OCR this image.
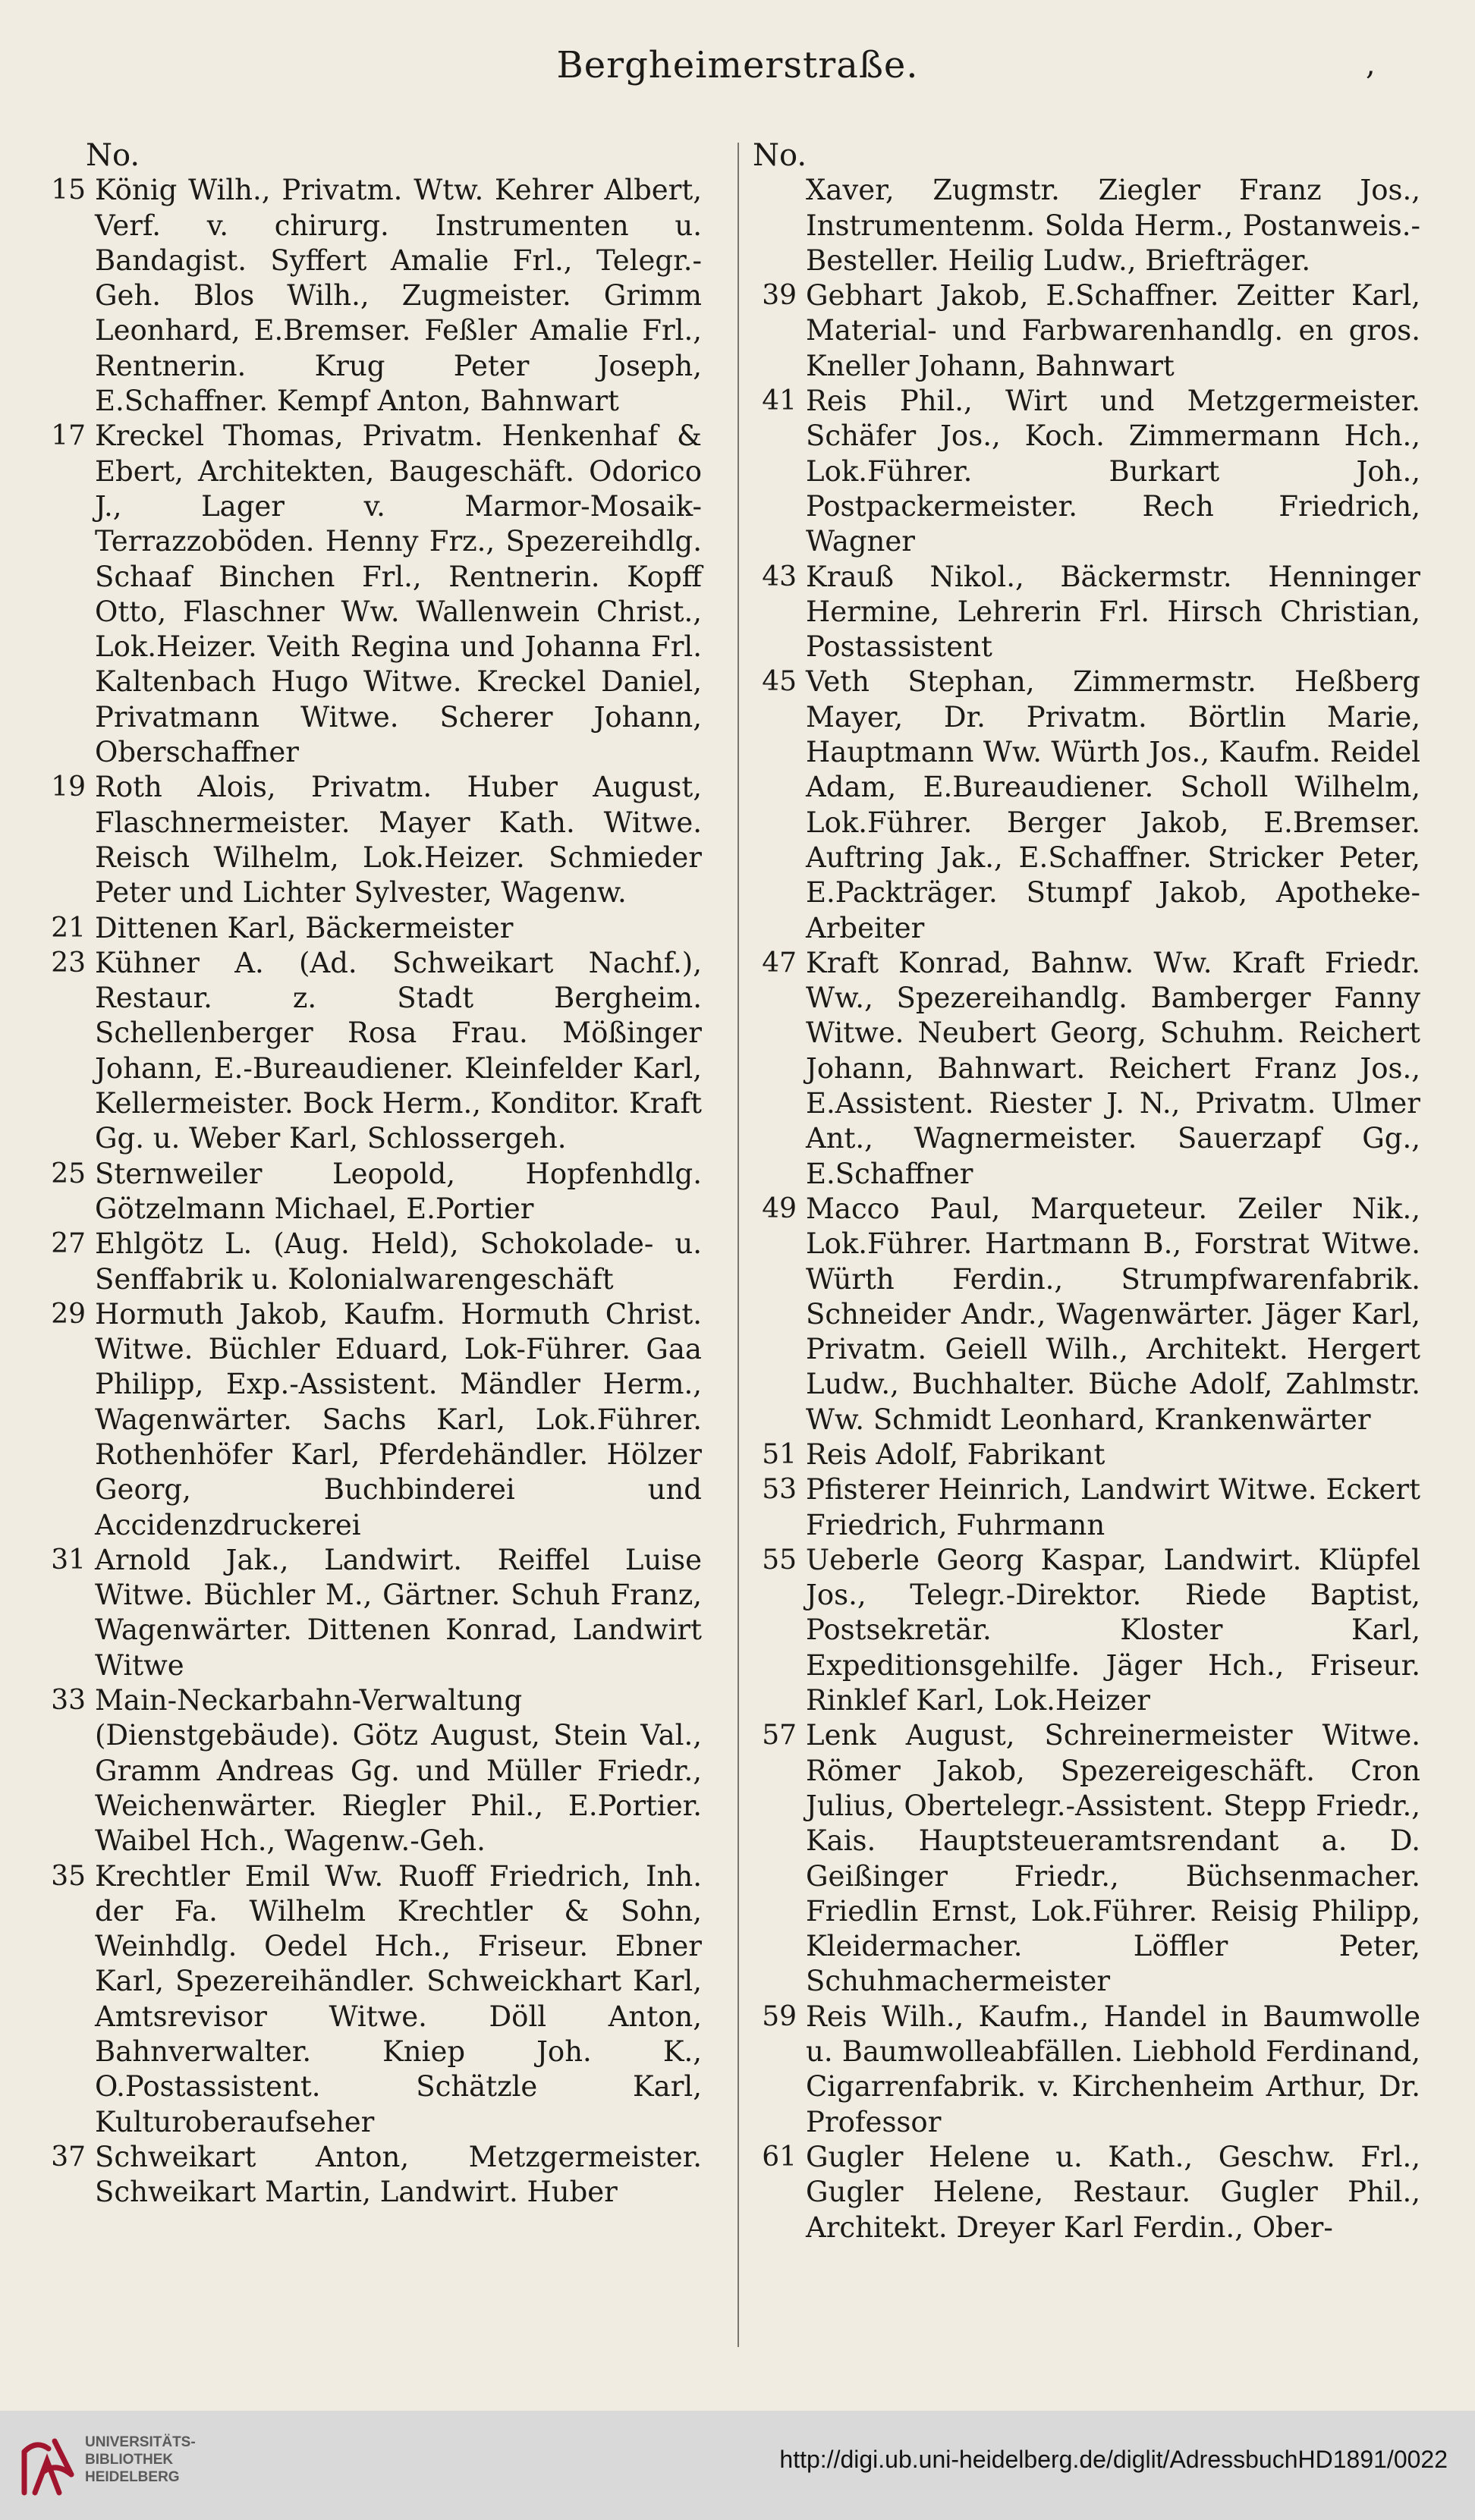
Bergheimerstraße.	,
No.
15 König Wilh., Privatm. Wtw. Kehrer Albert, Verf. v. chirurg. Instrumenten u. Bandagist. Syffert Amalie Frl., Telegr.-Geh. Blos Wilh., Zugmeister. Grimm Leonhard, E.Bremser. Feßler Amalie Frl., Rentnerin. Krug Peter Joseph, E.Schaffner. Kempf Anton, Bahnwart
17 Kreckel Thomas, Privatm. Henkenhaf & Ebert, Architekten, Baugeschäft. Odorico J., Lager v. Marmor-Mosaik-Terrazzoböden. Henny Frz., Spezereihdlg. Schaaf Binchen Frl., Rentnerin. Kopff Otto, Flaschner Ww. Wallenwein Christ., Lok.Heizer. Veith Regina und Johanna Frl. Kaltenbach Hugo Witwe. Kreckel Daniel, Privatmann Witwe. Scherer Johann, Oberschaffner
19 Roth Alois, Privatm. Huber August, Flaschnermeister. Mayer Kath. Witwe. Reisch Wilhelm, Lok.Heizer. Schmieder Peter und Lichter Sylvester, Wagenw.
21 Dittenen Karl, Bäckermeister
23 Kühner A. (Ad. Schweikart Nachf.), Restaur. z. Stadt Bergheim. Schellenberger Rosa Frau. Mößinger Johann, E.-Bureaudiener. Kleinfelder Karl, Kellermeister. Bock Herm., Konditor. Kraft Gg. u. Weber Karl, Schlossergeh.
25 Sternweiler Leopold, Hopfenhdlg. Götzelmann Michael, E.Portier
27 Ehlgötz L. (Aug. Held), Schokolade- u. Senffabrik u. Kolonialwarengeschäft
29 Hormuth Jakob, Kaufm. Hormuth Christ. Witwe. Büchler Eduard, Lok-Führer. Gaa Philipp, Exp.-Assistent. Mändler Herm., Wagenwärter. Sachs Karl, Lok.Führer. Rothenhöfer Karl, Pferdehändler. Hölzer Georg, Buchbinderei und Accidenzdruckerei
31 Arnold Jak., Landwirt. Reiffel Luise Witwe. Büchler M., Gärtner. Schuh Franz, Wagenwärter. Dittenen Konrad, Landwirt Witwe
33 Main-Neckarbahn-Verwaltung (Dienstgebäude). Götz August, Stein Val., Gramm Andreas Gg. und Müller Friedr., Weichenwärter. Riegler Phil., E.Portier. Waibel Hch., Wagenw.-Geh.
35 Krechtler Emil Ww. Ruoff Friedrich, Inh. der Fa. Wilhelm Krechtler & Sohn, Weinhdlg. Oedel Hch., Friseur. Ebner Karl, Spezereihändler. Schweickhart Karl, Amtsrevisor Witwe. Döll Anton, Bahnverwalter. Kniep Joh. K., O.Postassistent. Schätzle Karl, Kulturoberaufseher
37 Schweikart Anton, Metzgermeister. Schweikart Martin, Landwirt. Huber
No.
Xaver, Zugmstr. Ziegler Franz Jos., Instrumentenm. Solda Herm., Postanweis.-Besteller. Heilig Ludw., Briefträger.
39 Gebhart Jakob, E.Schaffner. Zeitter Karl, Material- und Farbwarenhandlg. en gros. Kneller Johann, Bahnwart
41 Reis Phil., Wirt und Metzgermeister. Schäfer Jos., Koch. Zimmermann Hch., Lok.Führer. Burkart Joh., Postpackermeister. Rech Friedrich, Wagner
43 Krauß Nikol., Bäckermstr. Henninger Hermine, Lehrerin Frl. Hirsch Christian, Postassistent
45 Veth Stephan, Zimmermstr. Heßberg Mayer, Dr. Privatm. Börtlin Marie, Hauptmann Ww. Würth Jos., Kaufm. Reidel Adam, E.Bureaudiener. Scholl Wilhelm, Lok.Führer. Berger Jakob, E.Bremser. Auftring Jak., E.Schaffner. Stricker Peter, E.Packträger. Stumpf Jakob, Apotheke-Arbeiter
47 Kraft Konrad, Bahnw. Ww. Kraft Friedr. Ww., Spezereihandlg. Bamberger Fanny Witwe. Neubert Georg, Schuhm. Reichert Johann, Bahnwart. Reichert Franz Jos., E.Assistent. Riester J. N., Privatm. Ulmer Ant., Wagnermeister. Sauerzapf Gg., E.Schaffner
49 Macco Paul, Marqueteur. Zeiler Nik., Lok.Führer. Hartmann B., Forstrat Witwe. Würth Ferdin., Strumpfwarenfabrik. Schneider Andr., Wagenwärter. Jäger Karl, Privatm. Geiell Wilh., Architekt. Hergert Ludw., Buchhalter. Büche Adolf, Zahlmstr. Ww. Schmidt Leonhard, Krankenwärter
51 Reis Adolf, Fabrikant
53 Pfisterer Heinrich, Landwirt Witwe. Eckert Friedrich, Fuhrmann
55 Ueberle Georg Kaspar, Landwirt. Klüpfel Jos., Telegr.-Direktor. Riede Baptist, Postsekretär. Kloster Karl, Expeditionsgehilfe. Jäger Hch., Friseur. Rinklef Karl, Lok.Heizer
57 Lenk August, Schreinermeister Witwe. Römer Jakob, Spezereigeschäft. Cron Julius, Obertelegr.-Assistent. Stepp Friedr., Kais. Hauptsteueramtsrendant a. D. Geißinger Friedr., Büchsenmacher. Friedlin Ernst, Lok.Führer. Reisig Philipp, Kleidermacher. Löffler Peter, Schuhmachermeister
59 Reis Wilh., Kaufm., Handel in Baumwolle u. Baumwolleabfällen. Liebhold Ferdinand, Cigarrenfabrik. v. Kirchenheim Arthur, Dr. Professor
61 Gugler Helene u. Kath., Geschw. Frl., Gugler Helene, Restaur. Gugler Phil., Architekt. Dreyer Karl Ferdin., Ober-
UNIVERSITÄTS-
BIBLIOTHEK
HEIDELBERG
http://digi.ub.uni-heidelberg.de/diglit/AdressbuchHD1891/0022
